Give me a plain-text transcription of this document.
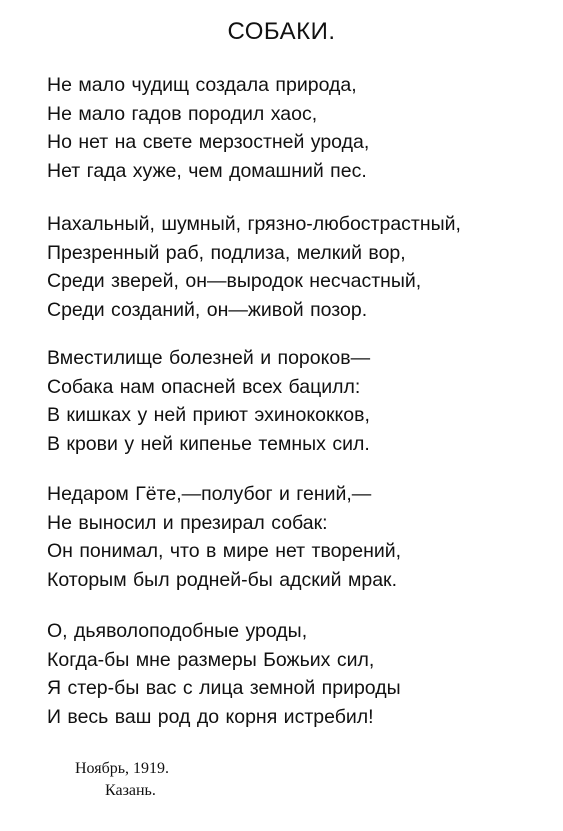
СОБАКИ.
Не мало чудищ создала природа,
Не мало гадов породил хаос,
Но нет на свете мерзостней урода,
Нет гада хуже, чем домашний пес.
Нахальный, шумный, грязно-любострастный,
Презренный раб, подлиза, мелкий вор,
Среди зверей, он—выродок несчастный,
Среди созданий, он—живой позор.
Вместилище болезней и пороков—
Собака нам опасней всех бацилл:
В кишках у ней приют эхинококков,
В крови у ней кипенье темных сил.
Недаром Гёте,—полубог и гений,—
Не выносил и презирал собак:
Он понимал, что в мире нет творений,
Которым был родней-бы адский мрак.
О, дьяволоподобные уроды,
Когда-бы мне размеры Божьих сил,
Я стер-бы вас с лица земной природы
И весь ваш род до корня истребил!
Ноябрь, 1919.
Казань.
